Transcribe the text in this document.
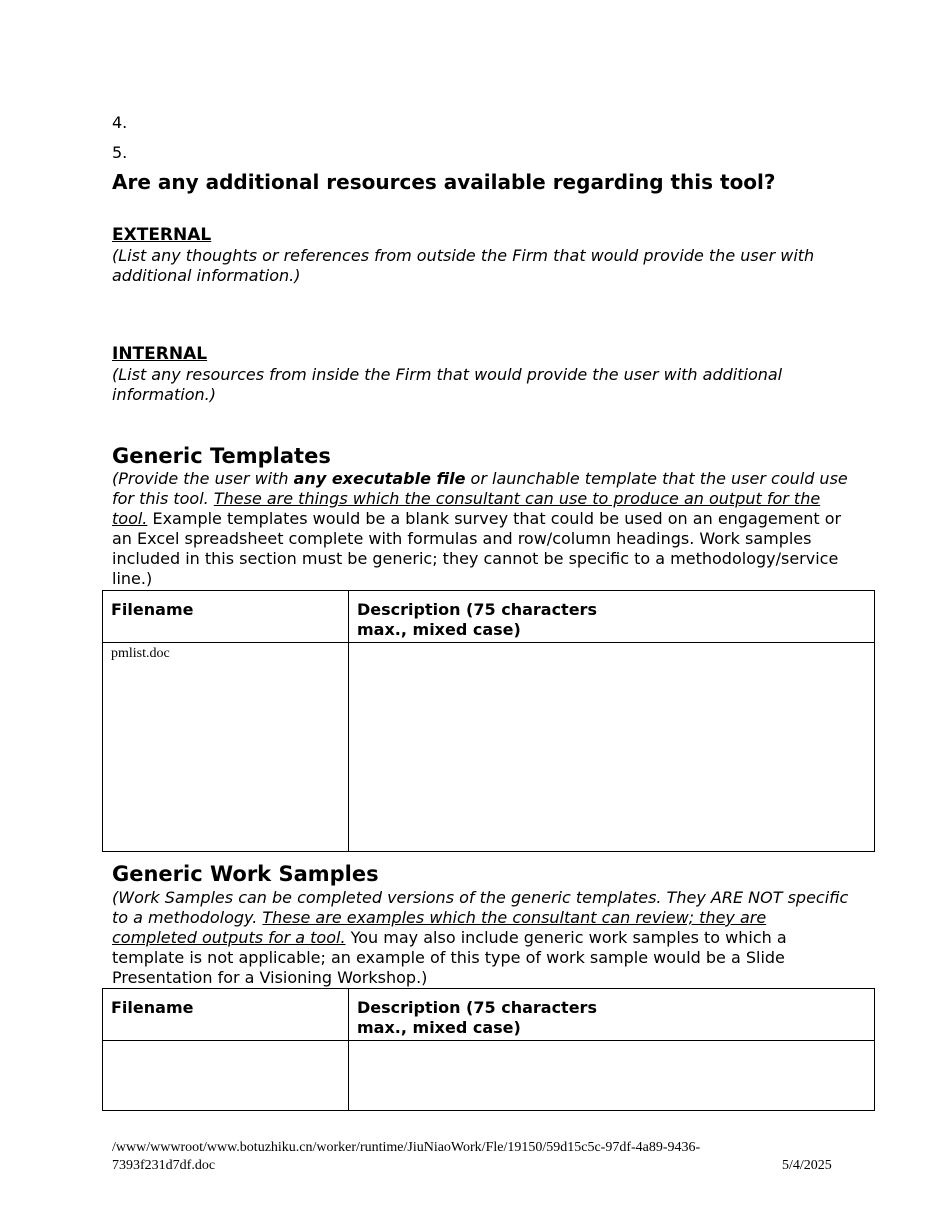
4.
5.
Are any additional resources available regarding this tool?
EXTERNAL
(List any thoughts or references from outside the Firm that would provide the user with additional information.)
INTERNAL
(List any resources from inside the Firm that would provide the user with additional information.)
Generic Templates
(Provide the user with any executable file or launchable template that the user could use for this tool. These are things which the consultant can use to produce an output for the tool. Example templates would be a blank survey that could be used on an engagement or an Excel spreadsheet complete with formulas and row/column headings. Work samples included in this section must be generic; they cannot be specific to a methodology/service line.)
Filename	Description (75 characters
max., mixed case)
pmlist.doc	
Generic Work Samples
(Work Samples can be completed versions of the generic templates. They ARE NOT specific to a methodology. These are examples which the consultant can review; they are completed outputs for a tool. You may also include generic work samples to which a template is not applicable; an example of this type of work sample would be a Slide Presentation for a Visioning Workshop.)
Filename	Description (75 characters
max., mixed case)

/www/wwwroot/www.botuzhiku.cn/worker/runtime/JiuNiaoWork/Fle/19150/59d15c5c-97df-4a89-9436-
7393f231d7df.doc	5/4/2025
